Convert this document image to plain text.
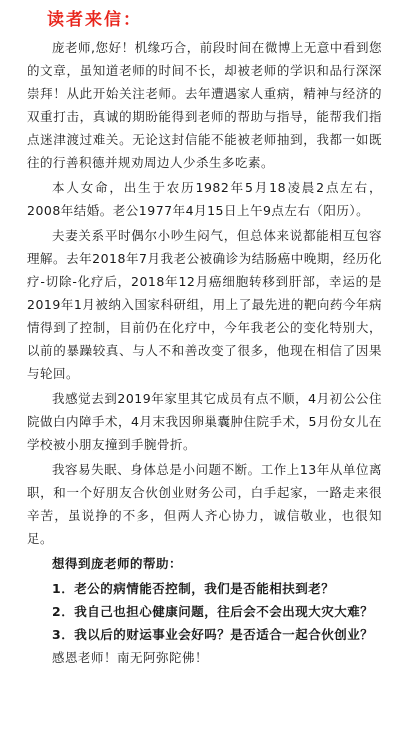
读者来信：

庞老师,您好！机缘巧合，前段时间在微博上无意中看到您的文章，虽知道老师的时间不长，却被老师的学识和品行深深崇拜！从此开始关注老师。去年遭遇家人重病，精神与经济的双重打击，真诚的期盼能得到老师的帮助与指导，能帮我们指点迷津渡过难关。无论这封信能不能被老师抽到，我都一如既往的行善积德并规劝周边人少杀生多吃素。

本人女命，出生于农历1982年5月18凌晨2点左右，2008年结婚。老公1977年4月15日上午9点左右（阳历）。

夫妻关系平时偶尔小吵生闷气，但总体来说都能相互包容理解。去年2018年7月我老公被确诊为结肠癌中晚期，经历化疗-切除-化疗后，2018年12月癌细胞转移到肝部，幸运的是2019年1月被纳入国家科研组，用上了最先进的靶向药今年病情得到了控制，目前仍在化疗中，今年我老公的变化特别大，以前的暴躁较真、与人不和善改变了很多，他现在相信了因果与轮回。

我感觉去到2019年家里其它成员有点不顺，4月初公公住院做白内障手术，4月末我因卵巢囊肿住院手术，5月份女儿在学校被小朋友撞到手腕骨折。

我容易失眠、身体总是小问题不断。工作上13年从单位离职，和一个好朋友合伙创业财务公司，白手起家，一路走来很辛苦，虽说挣的不多，但两人齐心协力，诚信敬业，也很知足。

想得到庞老师的帮助：

1．老公的病情能否控制，我们是否能相扶到老？

2．我自己也担心健康问题，往后会不会出现大灾大难？

3．我以后的财运事业会好吗？是否适合一起合伙创业？

感恩老师！南无阿弥陀佛！
